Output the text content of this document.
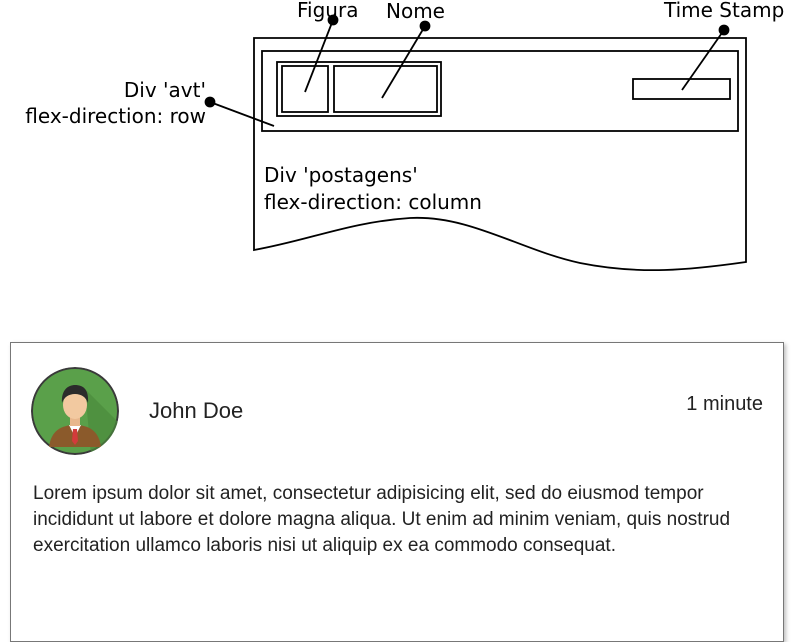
Figura Nome	Time Stamp
Div 'avt'
flex-direction: row
Div 'postagens'
flex-direction: column
John Doe	1 minute

Lorem ipsum dolor sit amet, consectetur adipisicing elit, sed do eiusmod tempor incididunt ut labore et dolore magna aliqua. Ut enim ad minim veniam, quis nostrud exercitation ullamco laboris nisi ut aliquip ex ea commodo consequat.
